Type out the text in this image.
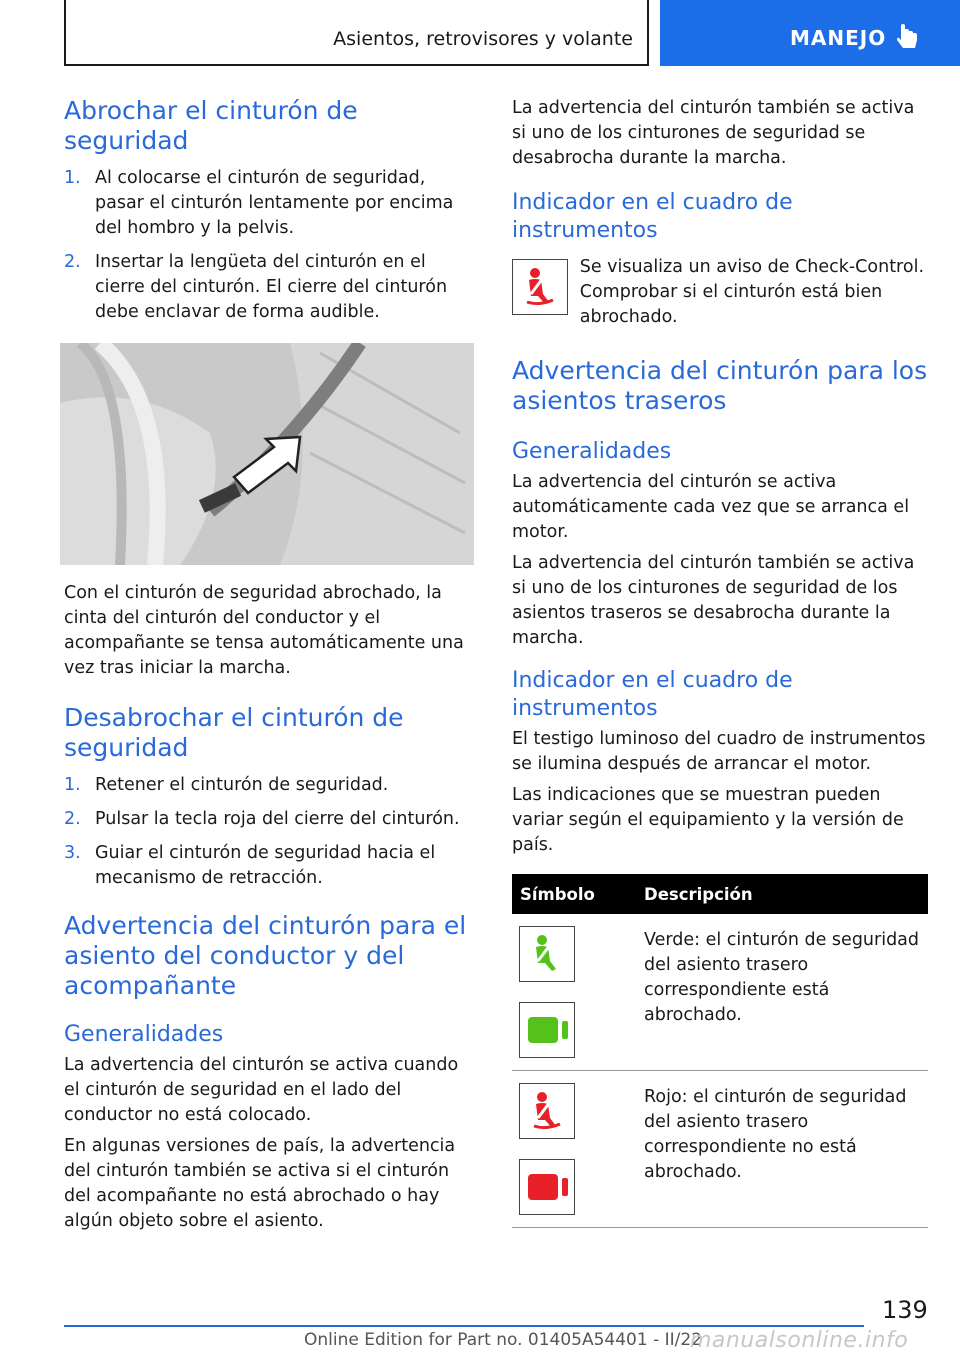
Asientos, retrovisores y volante	MANEJO
Abrochar el cinturón de seguridad
1. Al colocarse el cinturón de seguridad, pasar el cinturón lentamente por encima del hombro y la pelvis.
2. Insertar la lengüeta del cinturón en el cierre del cinturón. El cierre del cinturón debe enclavar de forma audible.

Con el cinturón de seguridad abrochado, la cinta del cinturón del conductor y el acompañante se tensa automáticamente una vez tras iniciar la marcha.

Desabrochar el cinturón de seguridad
1. Retener el cinturón de seguridad.
2. Pulsar la tecla roja del cierre del cinturón.
3. Guiar el cinturón de seguridad hacia el mecanismo de retracción.
Advertencia del cinturón para el asiento del conductor y del acompañante
Generalidades

La advertencia del cinturón se activa cuando el cinturón de seguridad en el lado del conductor no está colocado.

En algunas versiones de país, la advertencia del cinturón también se activa si el cinturón del acompañante no está abrochado o hay algún objeto sobre el asiento.

La advertencia del cinturón también se activa si uno de los cinturones de seguridad se desabrocha durante la marcha.

Indicador en el cuadro de instrumentos

Se visualiza un aviso de Check-Control. Comprobar si el cinturón está bien abrochado.

Advertencia del cinturón para los asientos traseros
Generalidades

La advertencia del cinturón se activa automáticamente cada vez que se arranca el motor.

La advertencia del cinturón también se activa si uno de los cinturones de seguridad de los asientos traseros se desabrocha durante la marcha.

Indicador en el cuadro de instrumentos

El testigo luminoso del cuadro de instrumentos se ilumina después de arrancar el motor.

Las indicaciones que se muestran pueden variar según el equipamiento y la versión de país.

Símbolo	Descripción

	Verde: el cinturón de seguridad del asiento trasero correspondiente está abrochado.

	Rojo: el cinturón de seguridad del asiento trasero correspondiente no está abrochado.
139
Online Edition for Part no. 01405A54401 - II/22
manualsonline.info
